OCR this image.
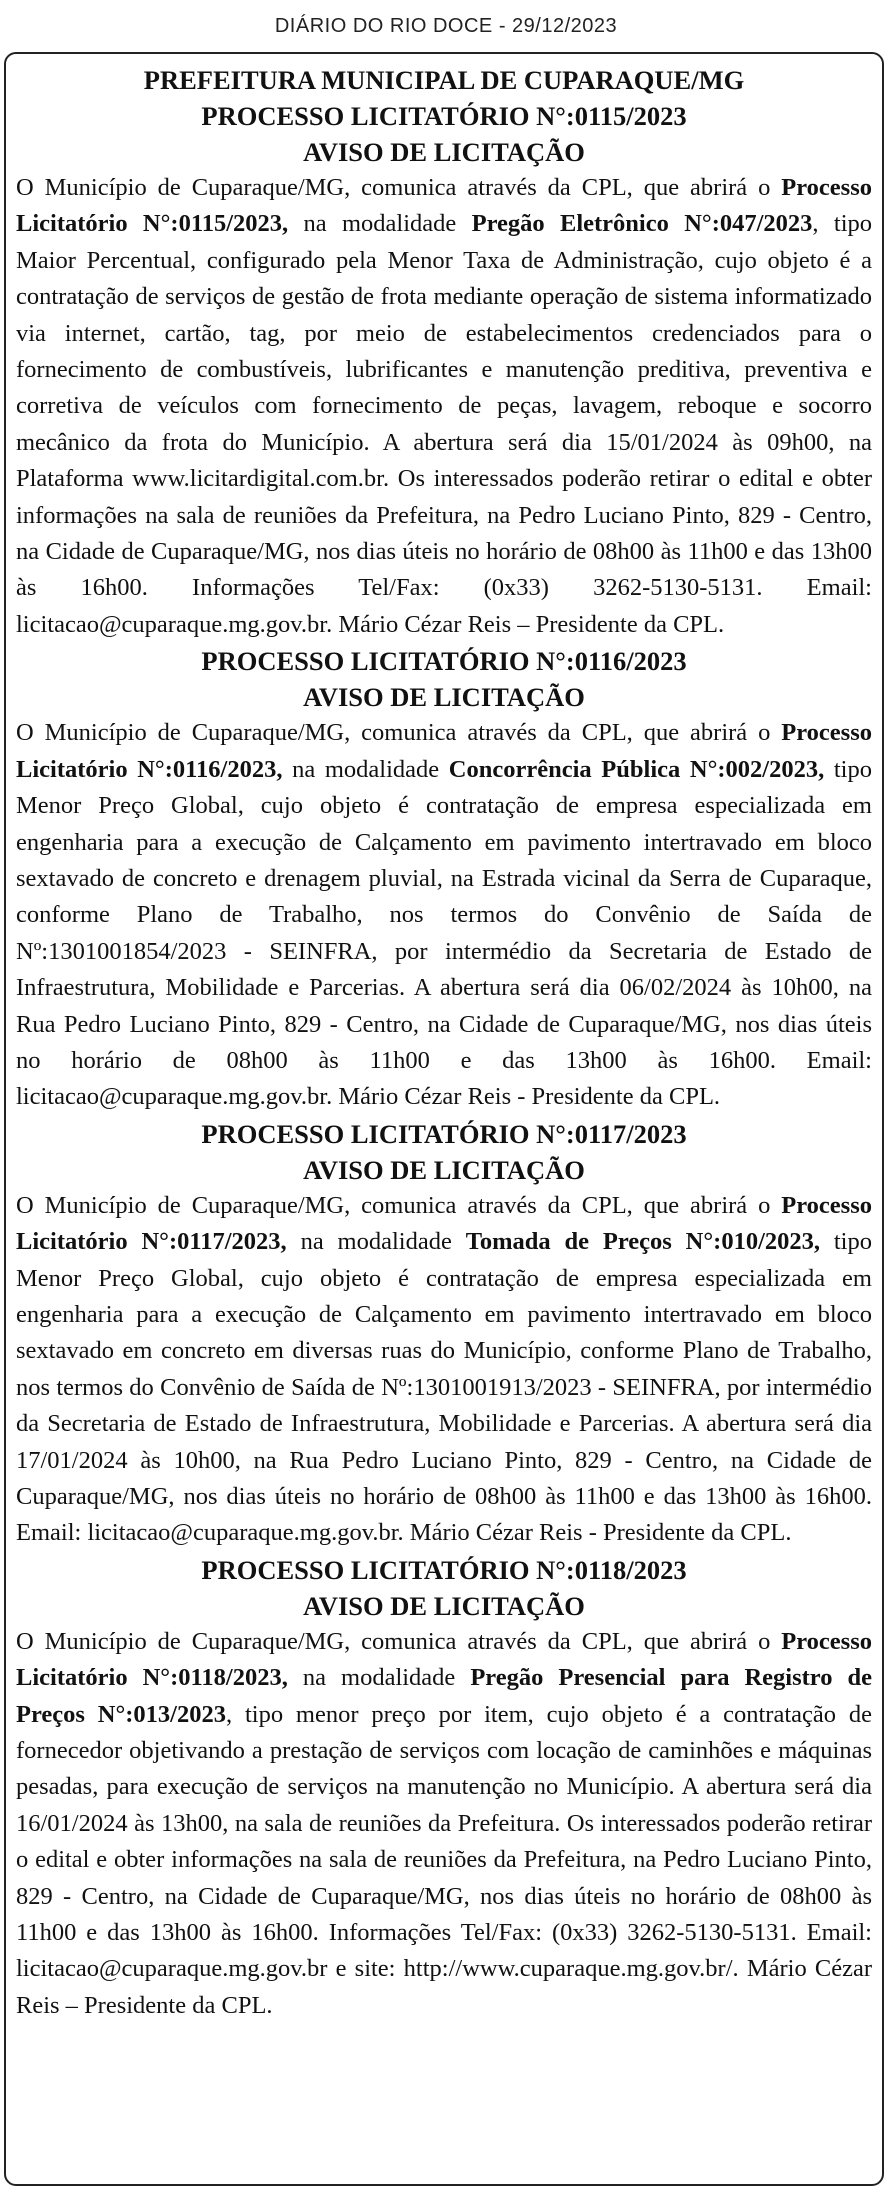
DIÁRIO DO RIO DOCE - 29/12/2023
PREFEITURA MUNICIPAL DE CUPARAQUE/MG
PROCESSO LICITATÓRIO N°:0115/2023
AVISO DE LICITAÇÃO

O Município de Cuparaque/MG, comunica através da CPL, que abrirá o Processo Licitatório N°:0115/2023, na modalidade Pregão Eletrônico N°:047/2023, tipo Maior Percentual, configurado pela Menor Taxa de Administração, cujo objeto é a contratação de serviços de gestão de frota mediante operação de sistema informatizado via internet, cartão, tag, por meio de estabelecimentos credenciados para o fornecimento de combustíveis, lubrificantes e manutenção preditiva, preventiva e corretiva de veículos com fornecimento de peças, lavagem, reboque e socorro mecânico da frota do Município. A abertura será dia 15/01/2024 às 09h00, na Plataforma www.licitardigital.com.br. Os interessados poderão retirar o edital e obter informações na sala de reuniões da Prefeitura, na Pedro Luciano Pinto, 829 - Centro, na Cidade de Cuparaque/MG, nos dias úteis no horário de 08h00 às 11h00 e das 13h00 às 16h00. Informações Tel/Fax: (0x33) 3262-5130-5131. Email: licitacao@cuparaque.mg.gov.br. Mário Cézar Reis – Presidente da CPL.

PROCESSO LICITATÓRIO N°:0116/2023
AVISO DE LICITAÇÃO

O Município de Cuparaque/MG, comunica através da CPL, que abrirá o Processo Licitatório N°:0116/2023, na modalidade Concorrência Pública N°:002/2023, tipo Menor Preço Global, cujo objeto é contratação de empresa especializada em engenharia para a execução de Calçamento em pavimento intertravado em bloco sextavado de concreto e drenagem pluvial, na Estrada vicinal da Serra de Cuparaque, conforme Plano de Trabalho, nos termos do Convênio de Saída de Nº:1301001854/2023 - SEINFRA, por intermédio da Secretaria de Estado de Infraestrutura, Mobilidade e Parcerias. A abertura será dia 06/02/2024 às 10h00, na Rua Pedro Luciano Pinto, 829 - Centro, na Cidade de Cuparaque/MG, nos dias úteis no horário de 08h00 às 11h00 e das 13h00 às 16h00. Email: licitacao@cuparaque.mg.gov.br. Mário Cézar Reis - Presidente da CPL.

PROCESSO LICITATÓRIO N°:0117/2023
AVISO DE LICITAÇÃO

O Município de Cuparaque/MG, comunica através da CPL, que abrirá o Processo Licitatório N°:0117/2023, na modalidade Tomada de Preços N°:010/2023, tipo Menor Preço Global, cujo objeto é contratação de empresa especializada em engenharia para a execução de Calçamento em pavimento intertravado em bloco sextavado em concreto em diversas ruas do Município, conforme Plano de Trabalho, nos termos do Convênio de Saída de Nº:1301001913/2023 - SEINFRA, por intermédio da Secretaria de Estado de Infraestrutura, Mobilidade e Parcerias. A abertura será dia 17/01/2024 às 10h00, na Rua Pedro Luciano Pinto, 829 - Centro, na Cidade de Cuparaque/MG, nos dias úteis no horário de 08h00 às 11h00 e das 13h00 às 16h00. Email: licitacao@cuparaque.mg.gov.br. Mário Cézar Reis - Presidente da CPL.

PROCESSO LICITATÓRIO N°:0118/2023
AVISO DE LICITAÇÃO

O Município de Cuparaque/MG, comunica através da CPL, que abrirá o Processo Licitatório N°:0118/2023, na modalidade Pregão Presencial para Registro de Preços N°:013/2023, tipo menor preço por item, cujo objeto é a contratação de fornecedor objetivando a prestação de serviços com locação de caminhões e máquinas pesadas, para execução de serviços na manutenção no Município. A abertura será dia 16/01/2024 às 13h00, na sala de reuniões da Prefeitura. Os interessados poderão retirar o edital e obter informações na sala de reuniões da Prefeitura, na Pedro Luciano Pinto, 829 - Centro, na Cidade de Cuparaque/MG, nos dias úteis no horário de 08h00 às 11h00 e das 13h00 às 16h00. Informações Tel/Fax: (0x33) 3262-5130-5131. Email: licitacao@cuparaque.mg.gov.br e site: http://www.cuparaque.mg.gov.br/. Mário Cézar Reis – Presidente da CPL.
